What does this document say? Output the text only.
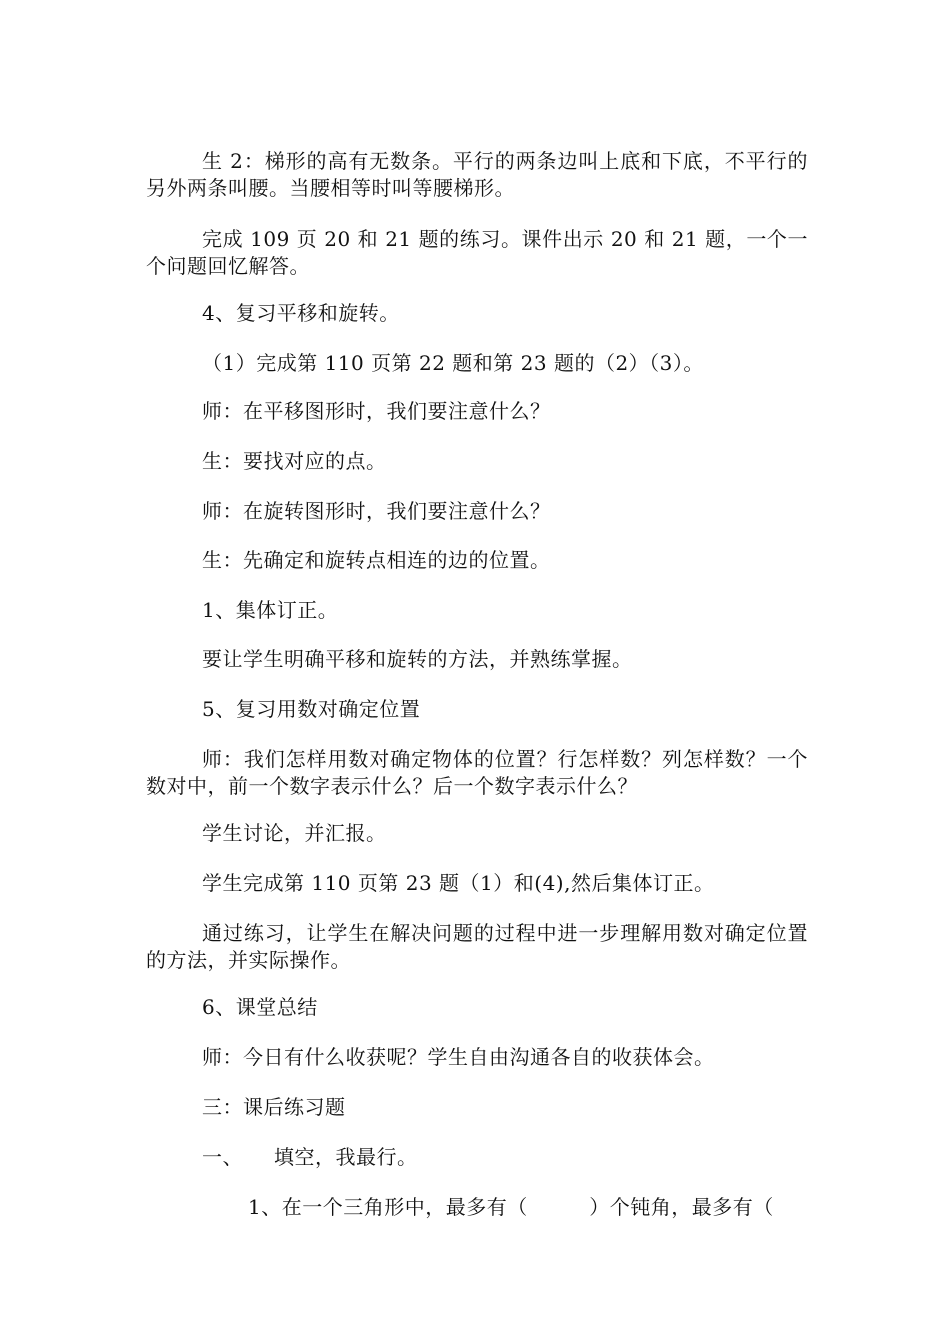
生 2：梯形的高有无数条。平行的两条边叫上底和下底，不平行的另外两条叫腰。当腰相等时叫等腰梯形。

完成 109 页 20 和 21 题的练习。课件出示 20 和 21 题，一个一个问题回忆解答。

4、复习平移和旋转。

（1）完成第 110 页第 22 题和第 23 题的（2）（3）。

师：在平移图形时，我们要注意什么？

生：要找对应的点。

师：在旋转图形时，我们要注意什么？

生：先确定和旋转点相连的边的位置。

1、集体订正。

要让学生明确平移和旋转的方法，并熟练掌握。

5、复习用数对确定位置

师：我们怎样用数对确定物体的位置？行怎样数？列怎样数？一个数对中，前一个数字表示什么？后一个数字表示什么？

学生讨论，并汇报。

学生完成第 110 页第 23 题（1）和(4),然后集体订正。

通过练习，让学生在解决问题的过程中进一步理解用数对确定位置的方法，并实际操作。

6、课堂总结

师：今日有什么收获呢？学生自由沟通各自的收获体会。

三：课后练习题

一、　　填空，我最行。

1、在一个三角形中，最多有（　　　）个钝角，最多有（
